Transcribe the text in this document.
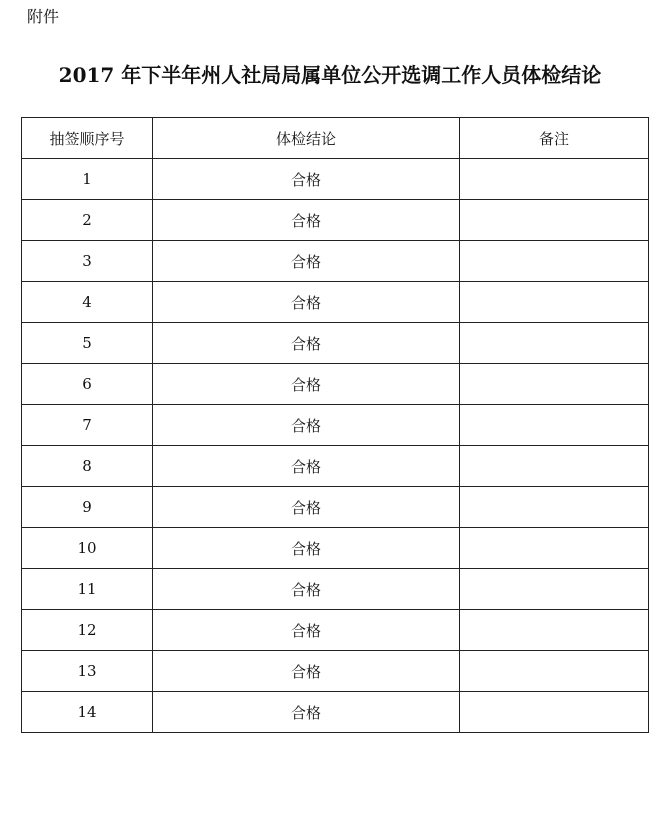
附件
2017 年下半年州人社局局属单位公开选调工作人员体检结论
抽签顺序号	体检结论	备注
1	合格	
2	合格	
3	合格	
4	合格	
5	合格	
6	合格	
7	合格	
8	合格	
9	合格	
10	合格	
11	合格	
12	合格	
13	合格	
14	合格	
